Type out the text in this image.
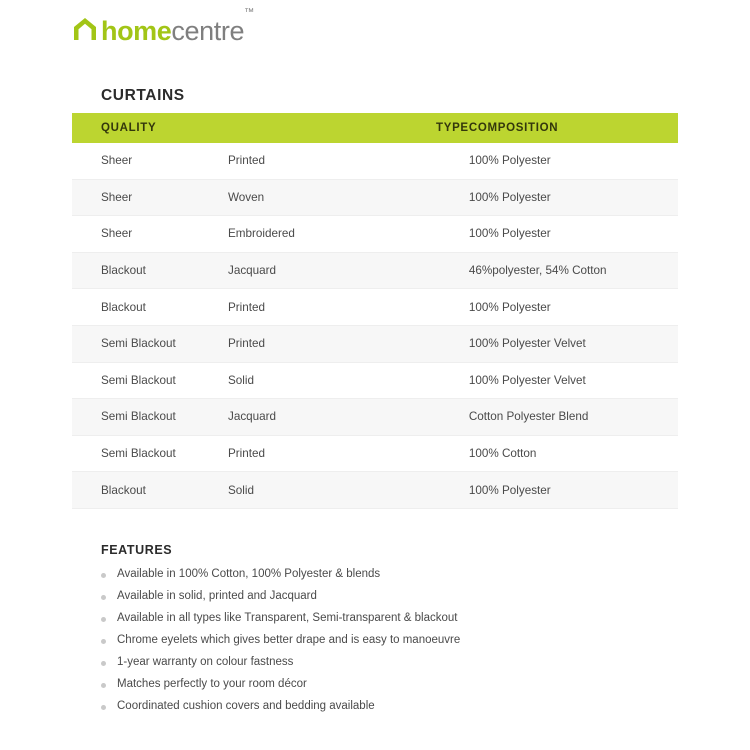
homecentre™
CURTAINS
QUALITY	TYPE	COMPOSITION
Sheer	Printed	100% Polyester
Sheer	Woven	100% Polyester
Sheer	Embroidered	100% Polyester
Blackout	Jacquard	46%polyester, 54% Cotton
Blackout	Printed	100% Polyester
Semi Blackout	Printed	100% Polyester Velvet
Semi Blackout	Solid	100% Polyester Velvet
Semi Blackout	Jacquard	Cotton Polyester Blend
Semi Blackout	Printed	100% Cotton
Blackout	Solid	100% Polyester
FEATURES
Available in 100% Cotton, 100% Polyester & blends
Available in solid, printed and Jacquard
Available in all types like Transparent, Semi-transparent & blackout
Chrome eyelets which gives better drape and is easy to manoeuvre
1-year warranty on colour fastness
Matches perfectly to your room décor
Coordinated cushion covers and bedding available
